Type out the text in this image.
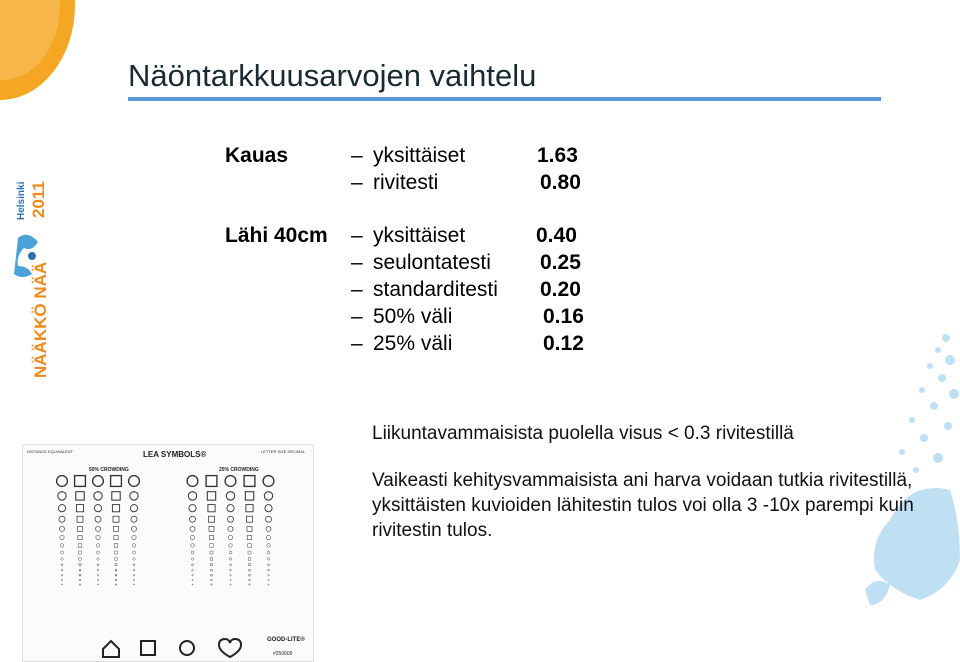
Näöntarkkuusarvojen vaihtelu
Helsinki 2011
NÄÄKKÖ NÄÄ
Kauas	– yksittäiset	1.63
– rivitesti	0.80
Lähi 40cm – yksittäiset	0.40
– seulontatesti 0.25
– standarditesti 0.20
– 50% väli	0.16
– 25% väli	0.12

Liikuntavammaisista puolella visus < 0.3 rivitestillä

Vaikeasti kehitysvammaisista ani harva voidaan tutkia rivitestillä, yksittäisten kuvioiden lähitestin tulos voi olla 3 -10x parempi kuin rivitestin tulos.

DISTANCE EQUIVALENT	LEA SYMBOLS®	LETTER SIZE DECIMAL
50% CROWDING	25% CROWDING
GOOD-LITE®
#250600
